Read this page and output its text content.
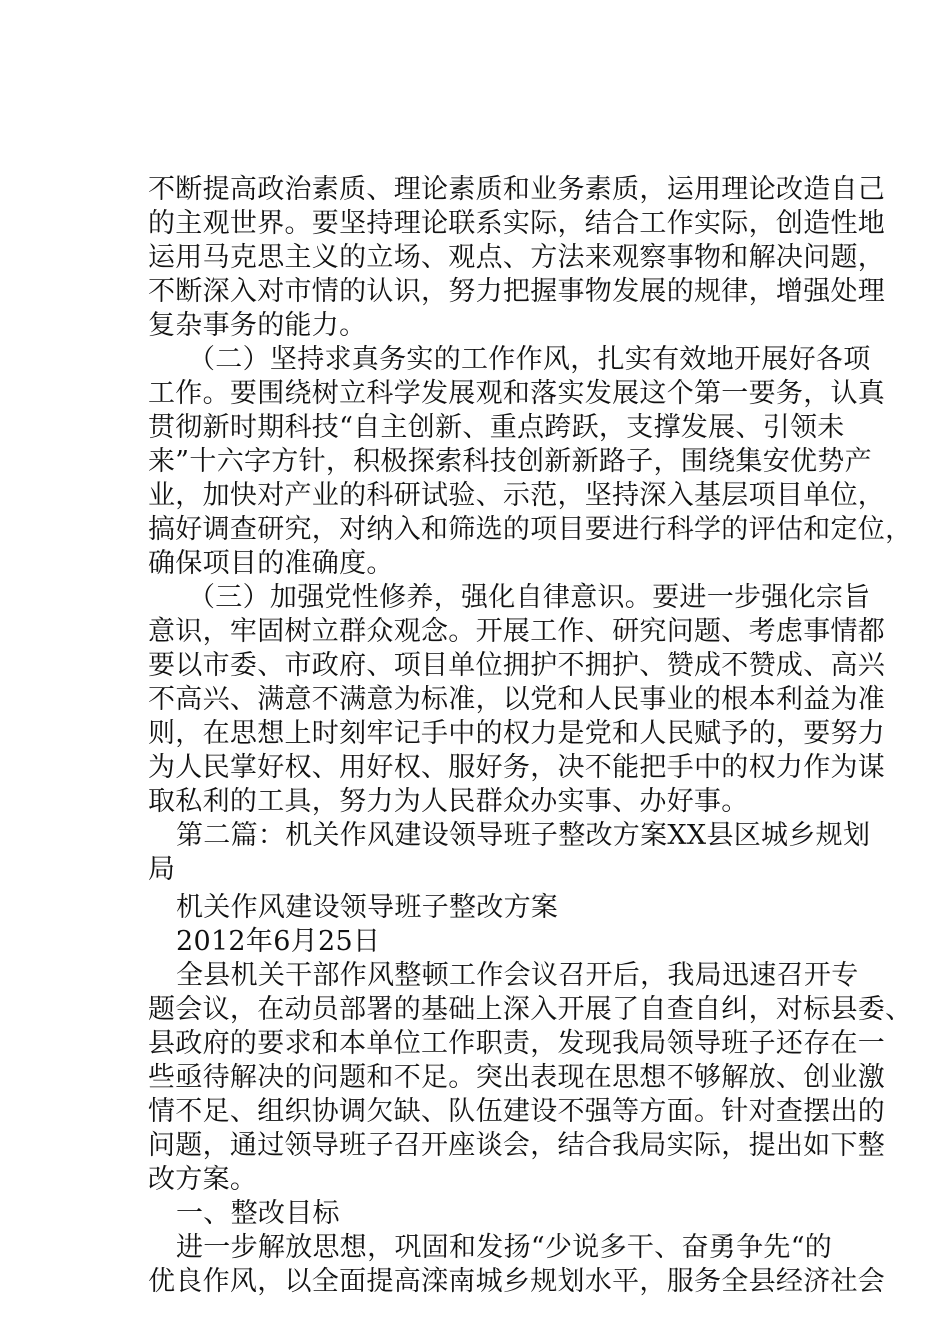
不断提高政治素质、理论素质和业务素质，运用理论改造自己
的主观世界。要坚持理论联系实际，结合工作实际，创造性地
运用马克思主义的立场、观点、方法来观察事物和解决问题，
不断深入对市情的认识，努力把握事物发展的规律，增强处理
复杂事务的能力。
（二）坚持求真务实的工作作风，扎实有效地开展好各项
工作。要围绕树立科学发展观和落实发展这个第一要务，认真
贯彻新时期科技“自主创新、重点跨跃，支撑发展、引领未
来”十六字方针，积极探索科技创新新路子，围绕集安优势产
业，加快对产业的科研试验、示范，坚持深入基层项目单位，
搞好调查研究，对纳入和筛选的项目要进行科学的评估和定位，
确保项目的准确度。
（三）加强党性修养，强化自律意识。要进一步强化宗旨
意识，牢固树立群众观念。开展工作、研究问题、考虑事情都
要以市委、市政府、项目单位拥护不拥护、赞成不赞成、高兴
不高兴、满意不满意为标准，以党和人民事业的根本利益为准
则，在思想上时刻牢记手中的权力是党和人民赋予的，要努力
为人民掌好权、用好权、服好务，决不能把手中的权力作为谋
取私利的工具，努力为人民群众办实事、办好事。
第二篇：机关作风建设领导班子整改方案XX县区城乡规划
局
机关作风建设领导班子整改方案
2012年6月25日
全县机关干部作风整顿工作会议召开后，我局迅速召开专
题会议，在动员部署的基础上深入开展了自查自纠，对标县委、
县政府的要求和本单位工作职责，发现我局领导班子还存在一
些亟待解决的问题和不足。突出表现在思想不够解放、创业激
情不足、组织协调欠缺、队伍建设不强等方面。针对查摆出的
问题，通过领导班子召开座谈会，结合我局实际，提出如下整
改方案。
一、整改目标
进一步解放思想，巩固和发扬“少说多干、奋勇争先“的
优良作风，以全面提高滦南城乡规划水平，服务全县经济社会
